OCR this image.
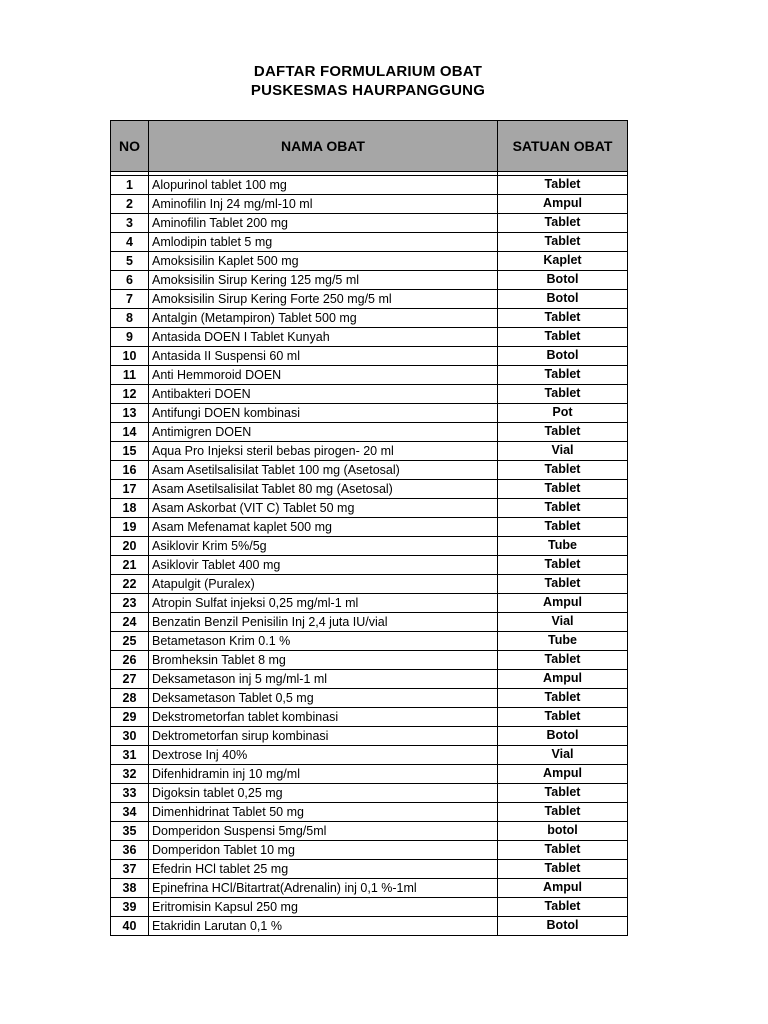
DAFTAR FORMULARIUM OBAT
PUSKESMAS HAURPANGGUNG
NO	NAMA OBAT	SATUAN OBAT

1	Alopurinol tablet 100 mg	Tablet
2	Aminofilin Inj 24 mg/ml-10 ml	Ampul
3	Aminofilin Tablet 200 mg	Tablet
4	Amlodipin tablet 5 mg	Tablet
5	Amoksisilin Kaplet 500 mg	Kaplet
6	Amoksisilin Sirup Kering 125 mg/5 ml	Botol
7	Amoksisilin Sirup Kering Forte 250 mg/5 ml	Botol
8	Antalgin (Metampiron) Tablet 500 mg	Tablet
9	Antasida DOEN I Tablet Kunyah	Tablet
10	Antasida II Suspensi 60 ml	Botol
11	Anti Hemmoroid DOEN	Tablet
12	Antibakteri DOEN	Tablet
13	Antifungi DOEN kombinasi	Pot
14	Antimigren DOEN	Tablet
15	Aqua Pro Injeksi steril bebas pirogen- 20 ml	Vial
16	Asam Asetilsalisilat Tablet 100 mg (Asetosal)	Tablet
17	Asam Asetilsalisilat Tablet 80 mg (Asetosal)	Tablet
18	Asam Askorbat (VIT C) Tablet 50 mg	Tablet
19	Asam Mefenamat kaplet 500 mg	Tablet
20	Asiklovir Krim 5%/5g	Tube
21	Asiklovir Tablet 400 mg	Tablet
22	Atapulgit (Puralex)	Tablet
23	Atropin Sulfat injeksi 0,25 mg/ml-1 ml	Ampul
24	Benzatin Benzil Penisilin Inj 2,4 juta IU/vial	Vial
25	Betametason Krim 0.1 %	Tube
26	Bromheksin Tablet 8 mg	Tablet
27	Deksametason inj 5 mg/ml-1 ml	Ampul
28	Deksametason Tablet 0,5 mg	Tablet
29	Dekstrometorfan tablet kombinasi	Tablet
30	Dektrometorfan sirup kombinasi	Botol
31	Dextrose Inj 40%	Vial
32	Difenhidramin inj 10 mg/ml	Ampul
33	Digoksin tablet 0,25 mg	Tablet
34	Dimenhidrinat Tablet 50 mg	Tablet
35	Domperidon Suspensi 5mg/5ml	botol
36	Domperidon Tablet 10 mg	Tablet
37	Efedrin HCl tablet 25 mg	Tablet
38	Epinefrina HCl/Bitartrat(Adrenalin) inj 0,1 %-1ml	Ampul
39	Eritromisin Kapsul 250 mg	Tablet
40	Etakridin Larutan 0,1 %	Botol
